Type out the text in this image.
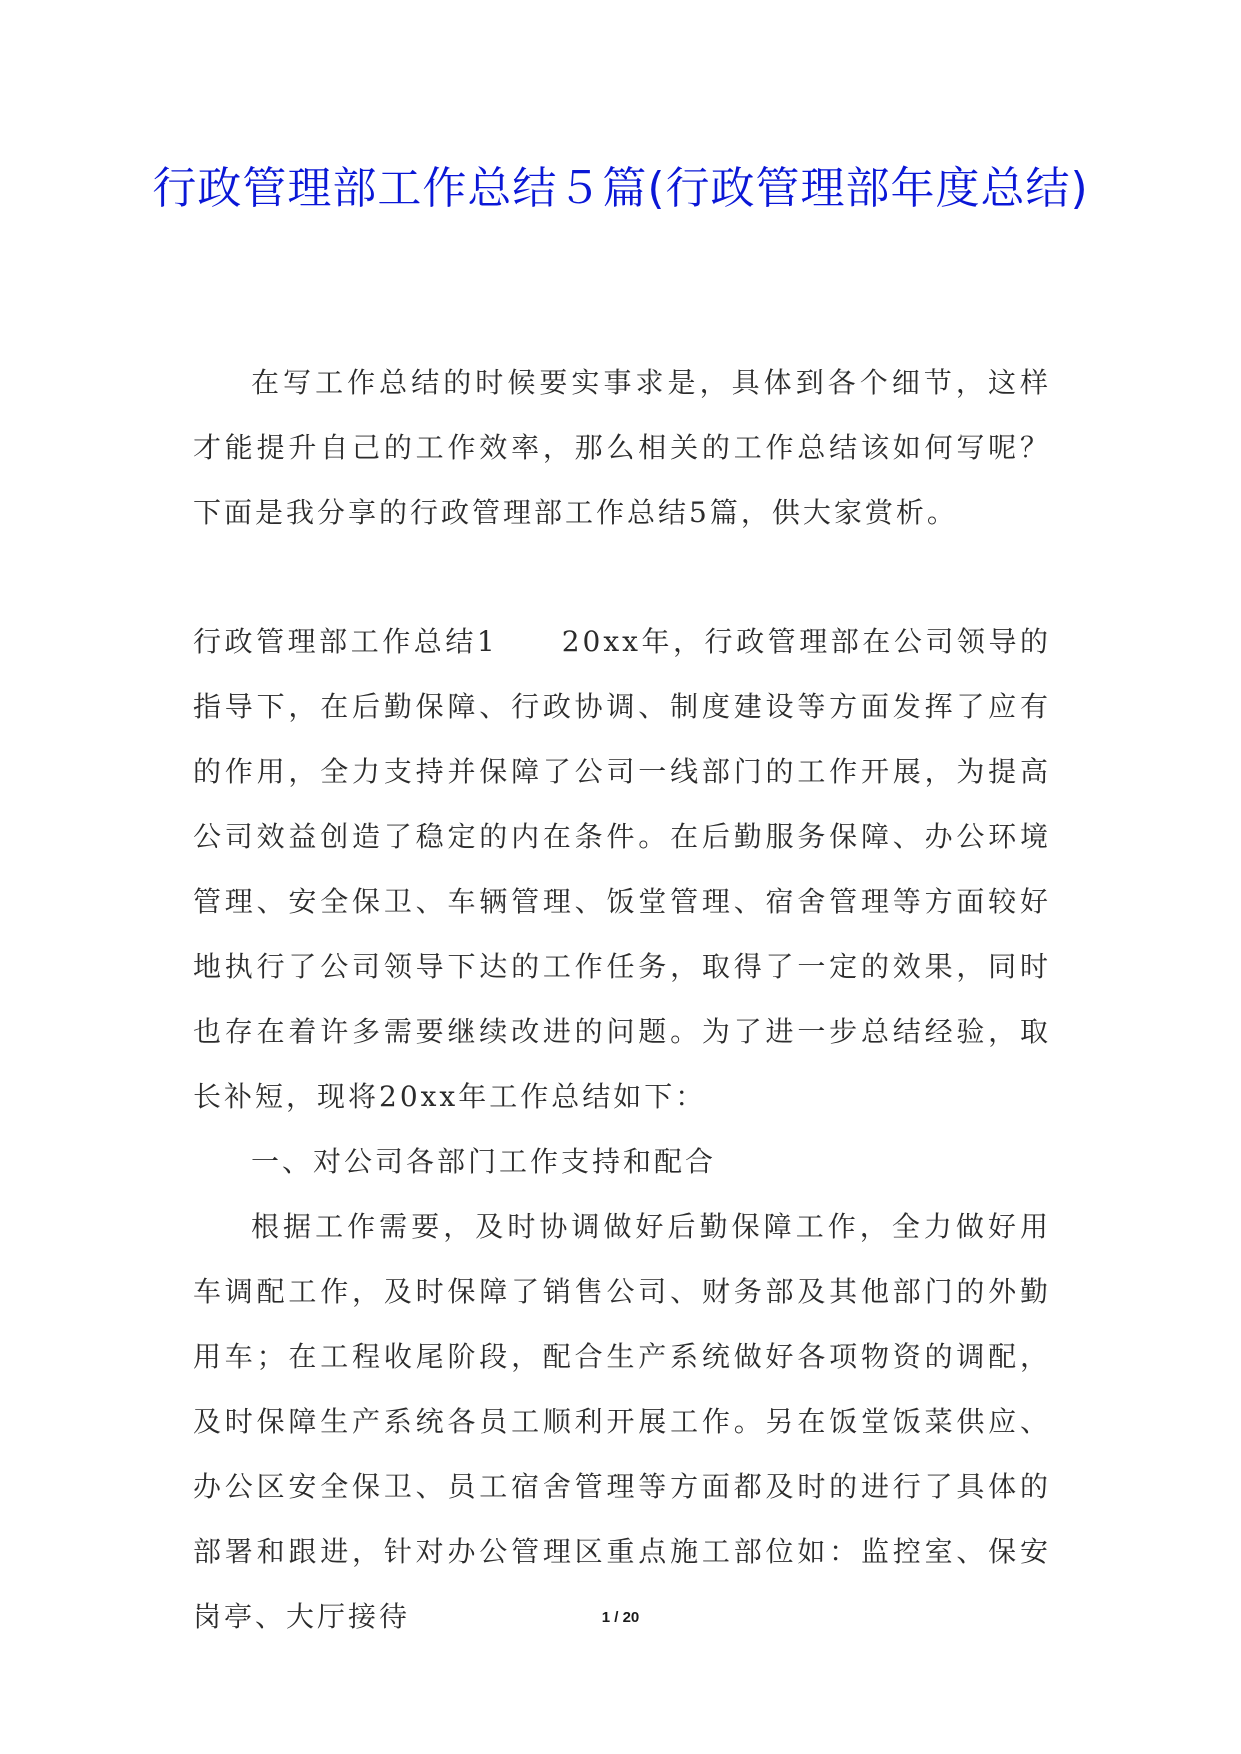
行政管理部工作总结５篇(行政管理部年度总结)

在写工作总结的时候要实事求是，具体到各个细节，这样才能提升自己的工作效率，那么相关的工作总结该如何写呢？下面是我分享的行政管理部工作总结5篇，供大家赏析。

行政管理部工作总结1 20xx年，行政管理部在公司领导的指导下，在后勤保障、行政协调、制度建设等方面发挥了应有的作用，全力支持并保障了公司一线部门的工作开展，为提高公司效益创造了稳定的内在条件。在后勤服务保障、办公环境管理、安全保卫、车辆管理、饭堂管理、宿舍管理等方面较好地执行了公司领导下达的工作任务，取得了一定的效果，同时也存在着许多需要继续改进的问题。为了进一步总结经验，取长补短，现将20xx年工作总结如下：

一、对公司各部门工作支持和配合

根据工作需要，及时协调做好后勤保障工作，全力做好用车调配工作，及时保障了销售公司、财务部及其他部门的外勤用车；在工程收尾阶段，配合生产系统做好各项物资的调配，及时保障生产系统各员工顺利开展工作。另在饭堂饭菜供应、办公区安全保卫、员工宿舍管理等方面都及时的进行了具体的部署和跟进，针对办公管理区重点施工部位如：监控室、保安岗亭、大厅接待	1 / 20
